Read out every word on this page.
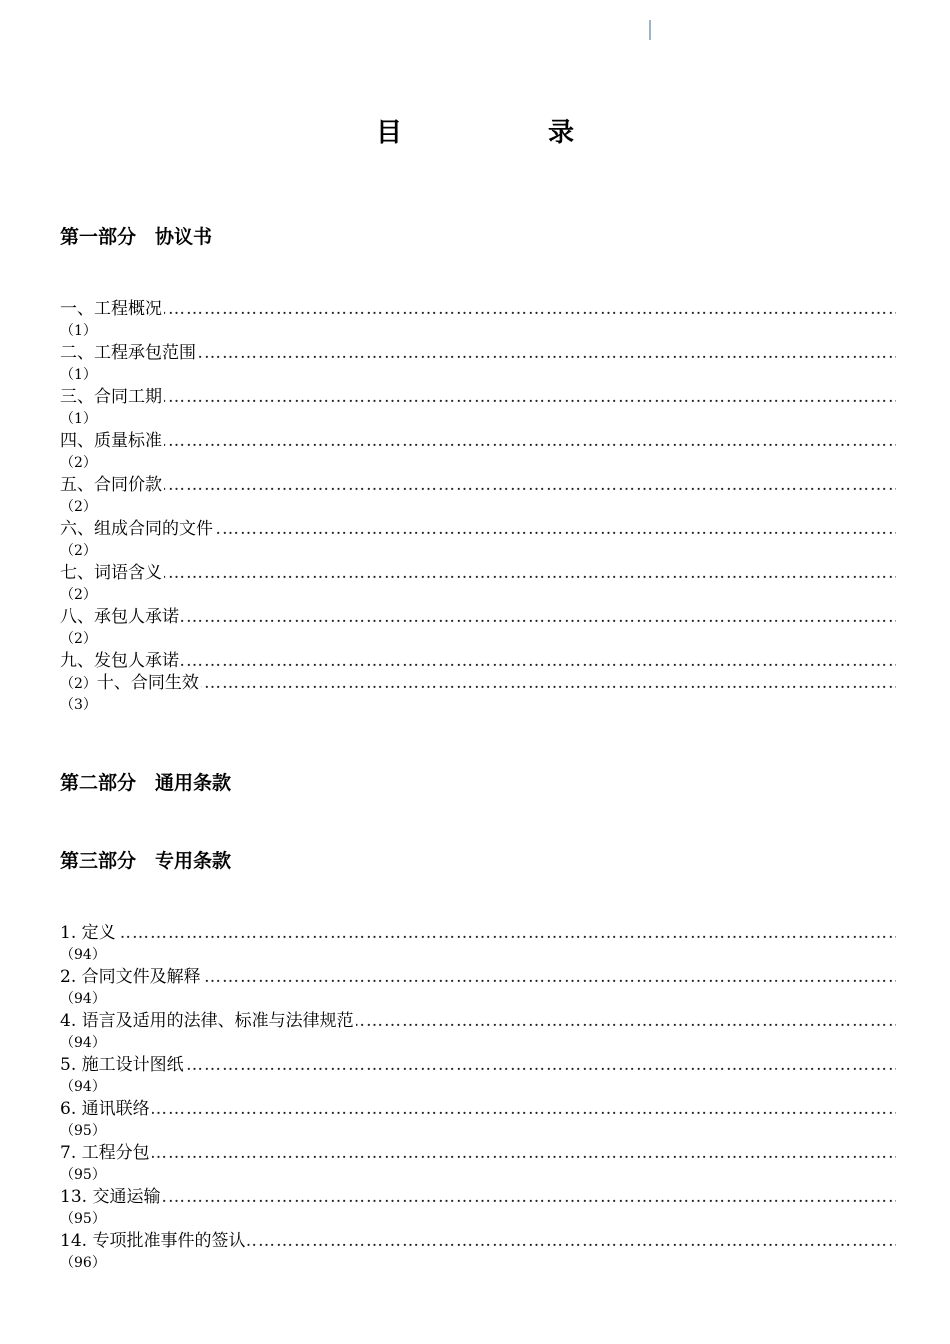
目　录
第一部分　协议书
……………………………………………………………………………………………………………………………………………………………………………………………
一、工程概况
（1）
……………………………………………………………………………………………………………………………………………………………………………………………
二、工程承包范围
（1）
……………………………………………………………………………………………………………………………………………………………………………………………
三、合同工期
（1）
……………………………………………………………………………………………………………………………………………………………………………………………
四、质量标准
（2）
……………………………………………………………………………………………………………………………………………………………………………………………
五、合同价款
（2）
……………………………………………………………………………………………………………………………………………………………………………………………
六、组成合同的文件
（2）
……………………………………………………………………………………………………………………………………………………………………………………………
七、词语含义
（2）
……………………………………………………………………………………………………………………………………………………………………………………………
八、承包人承诺
（2）
……………………………………………………………………………………………………………………………………………………………………………………………
九、发包人承诺
……………………………………………………………………………………………………………………………………………………………………………………………
（2）十、合同生效
（3）
第二部分　通用条款
第三部分　专用条款
……………………………………………………………………………………………………………………………………………………………………………………………
1. 定义
（94）
……………………………………………………………………………………………………………………………………………………………………………………………
2. 合同文件及解释
（94）
……………………………………………………………………………………………………………………………………………………………………………………………
4. 语言及适用的法律、标准与法律规范
（94）
……………………………………………………………………………………………………………………………………………………………………………………………
5. 施工设计图纸
（94）
……………………………………………………………………………………………………………………………………………………………………………………………
6. 通讯联络
（95）
……………………………………………………………………………………………………………………………………………………………………………………………
7. 工程分包
（95）
……………………………………………………………………………………………………………………………………………………………………………………………
13. 交通运输
（95）
……………………………………………………………………………………………………………………………………………………………………………………………
14. 专项批准事件的签认
（96）
